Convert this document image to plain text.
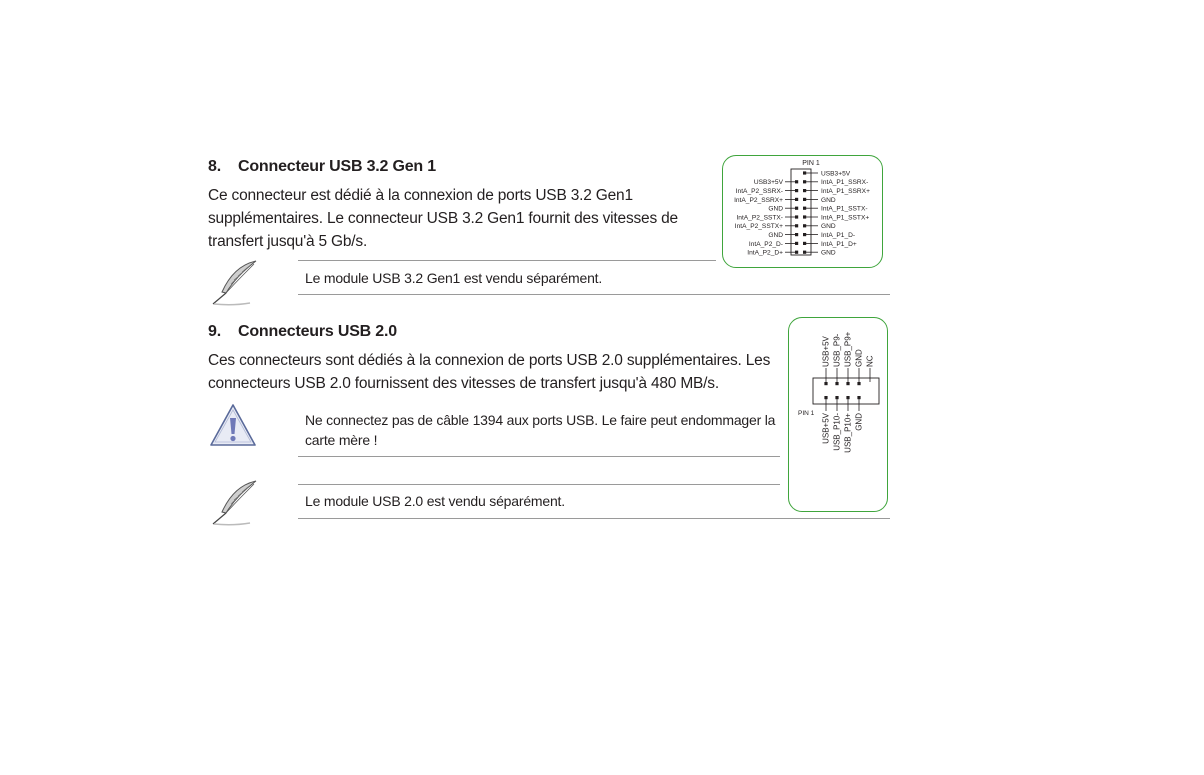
8. Connecteur USB 3.2 Gen 1
Ce connecteur est dédié à la connexion de ports USB 3.2 Gen1
supplémentaires. Le connecteur USB 3.2 Gen1 fournit des vitesses de
transfert jusqu'à 5 Gb/s.
Le module USB 3.2 Gen1 est vendu séparément.
PIN 1
USB3+5V
IntA_P1_SSRX-
IntA_P1_SSRX+
GND
IntA_P1_SSTX-
IntA_P1_SSTX+
GND
IntA_P1_D-
IntA_P1_D+
GND
USB3+5V
IntA_P2_SSRX-
IntA_P2_SSRX+
GND
IntA_P2_SSTX-
IntA_P2_SSTX+
GND
IntA_P2_D-
IntA_P2_D+
9. Connecteurs USB 2.0
Ces connecteurs sont dédiés à la connexion de ports USB 2.0 supplémentaires. Les
connecteurs USB 2.0 fournissent des vitesses de transfert jusqu'à 480 MB/s.
Ne connectez pas de câble 1394 aux ports USB. Le faire peut endommager la
carte mère !
Le module USB 2.0 est vendu séparément.
PIN 1
USB+5V USB_P9- USB_P9+ GND NC
USB+5V USB_P10- USB_P10+ GND
